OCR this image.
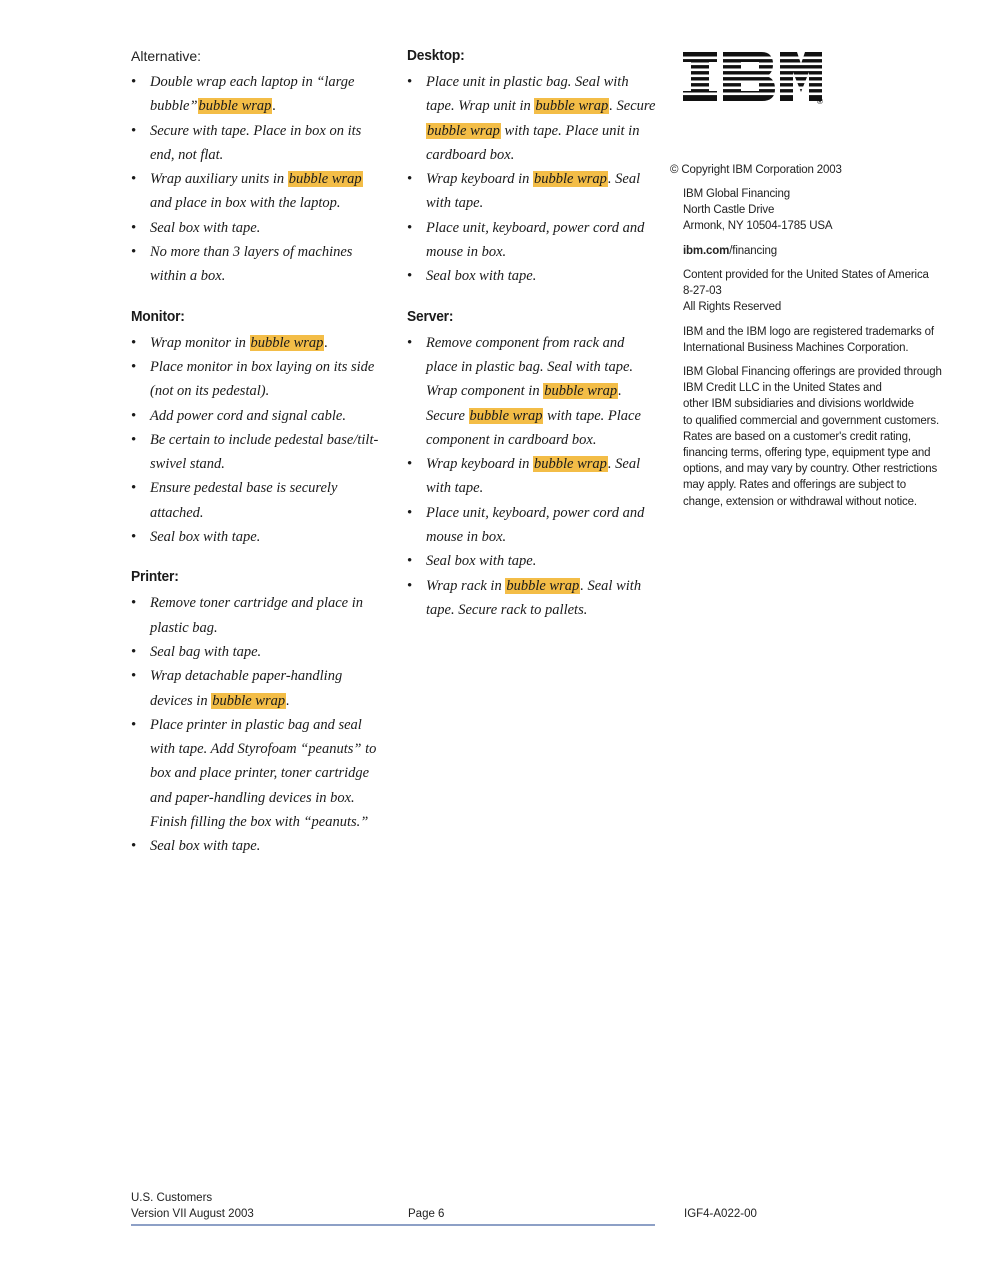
Alternative:
• Double wrap each laptop in “large bubble”bubble wrap.
• Secure with tape. Place in box on its end, not flat.
• Wrap auxiliary units in bubble wrap and place in box with the laptop.
• Seal box with tape.
• No more than 3 layers of machines within a box.
Monitor:
• Wrap monitor in bubble wrap.
• Place monitor in box laying on its side (not on its pedestal).
• Add power cord and signal cable.
• Be certain to include pedestal base/tilt-swivel stand.
• Ensure pedestal base is securely attached.
• Seal box with tape.
Printer:
• Remove toner cartridge and place in plastic bag.
• Seal bag with tape.
• Wrap detachable paper-handling devices in bubble wrap.
• Place printer in plastic bag and seal with tape. Add Styrofoam “peanuts” to box and place printer, toner cartridge and paper-handling devices in box. Finish filling the box with “peanuts.”
• Seal box with tape.
Desktop:
• Place unit in plastic bag. Seal with tape. Wrap unit in bubble wrap. Secure bubble wrap with tape. Place unit in cardboard box.
• Wrap keyboard in bubble wrap. Seal with tape.
• Place unit, keyboard, power cord and mouse in box.
• Seal box with tape.
Server:
• Remove component from rack and place in plastic bag. Seal with tape. Wrap component in bubble wrap. Secure bubble wrap with tape. Place component in cardboard box.
• Wrap keyboard in bubble wrap. Seal with tape.
• Place unit, keyboard, power cord and mouse in box.
• Seal box with tape.
• Wrap rack in bubble wrap. Seal with tape. Secure rack to pallets.
®
© Copyright IBM Corporation 2003
IBM Global Financing
North Castle Drive
Armonk, NY 10504-1785 USA
ibm.com/financing
Content provided for the United States of America
8-27-03
All Rights Reserved
IBM and the IBM logo are registered trademarks of
International Business Machines Corporation.
IBM Global Financing offerings are provided through
IBM Credit LLC in the United States and
other IBM subsidiaries and divisions worldwide
to qualified commercial and government customers.
Rates are based on a customer's credit rating,
financing terms, offering type, equipment type and
options, and may vary by country. Other restrictions
may apply. Rates and offerings are subject to
change, extension or withdrawal without notice.
U.S. Customers
Version VII August 2003	Page 6	IGF4-A022-00
